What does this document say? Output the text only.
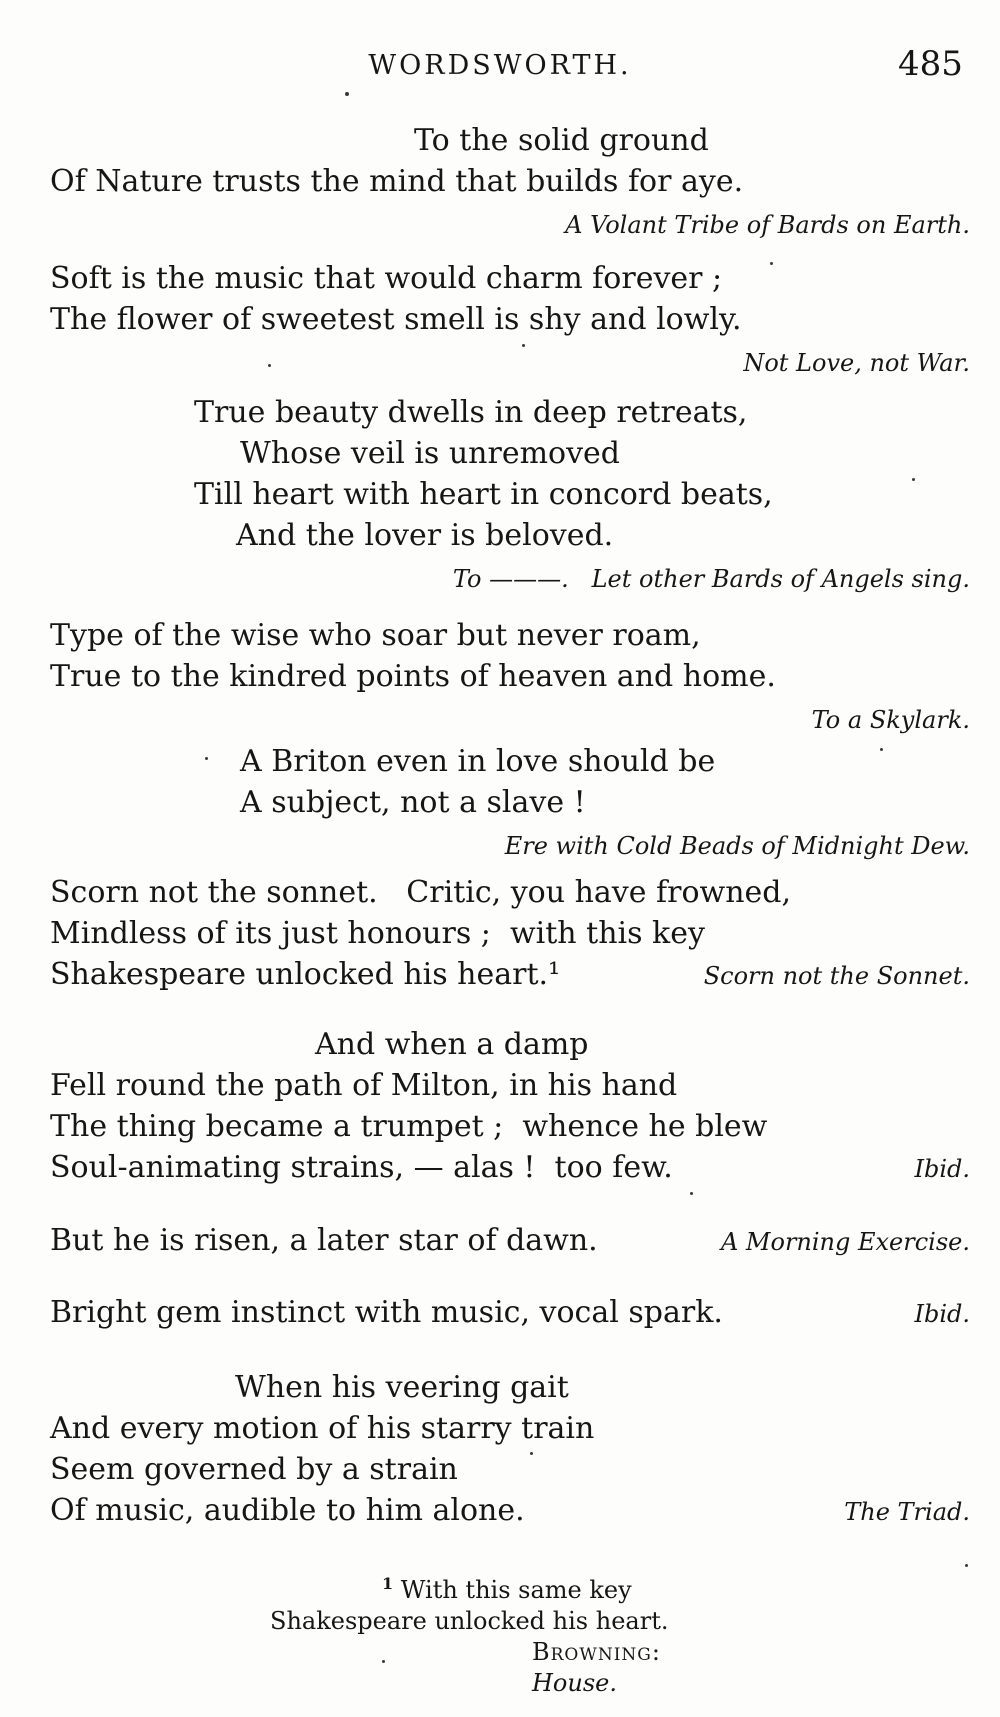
WORDSWORTH.	485
To the solid ground
Of Nature trusts the mind that builds for aye.
A Volant Tribe of Bards on Earth.
Soft is the music that would charm forever ;
The flower of sweetest smell is shy and lowly.
Not Love, not War.
True beauty dwells in deep retreats,
Whose veil is unremoved
Till heart with heart in concord beats,
And the lover is beloved.
To ———.   Let other Bards of Angels sing.
Type of the wise who soar but never roam,
True to the kindred points of heaven and home.
To a Skylark.
A Briton even in love should be
A subject, not a slave !
Ere with Cold Beads of Midnight Dew.
Scorn not the sonnet.   Critic, you have frowned,
Mindless of its just honours ;  with this key
Shakespeare unlocked his heart.¹	Scorn not the Sonnet.
And when a damp
Fell round the path of Milton, in his hand
The thing became a trumpet ;  whence he blew
Soul-animating strains, — alas !  too few.	Ibid.
But he is risen, a later star of dawn.	A Morning Exercise.
Bright gem instinct with music, vocal spark.	Ibid.
When his veering gait
And every motion of his starry train
Seem governed by a strain
Of music, audible to him alone.	The Triad.
$^1$ With this same key
Shakespeare unlocked his heart.
Browning: House.
